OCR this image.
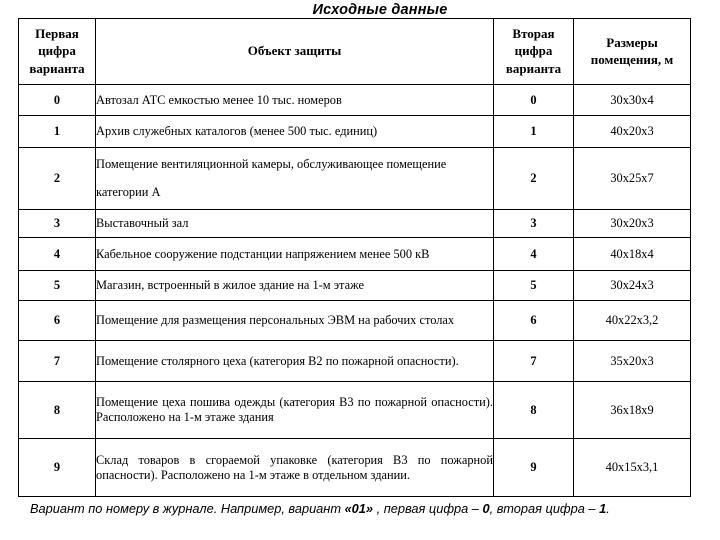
Исходные данные
Первая цифра варианта	Объект защиты	Вторая цифра варианта	Размеры помещения, м
0	Автозал АТС емкостью менее 10 тыс. номеров	0	30х30х4
1	Архив служебных каталогов (менее 500 тыс. единиц)	1	40х20х3
2	Помещение вентиляционной камеры, обслуживающее помещение категории А	2	30х25х7
3	Выставочный зал	3	30х20х3
4	Кабельное сооружение подстанции напряжением менее 500 кВ	4	40х18х4
5	Магазин, встроенный в жилое здание на 1-м этаже	5	30х24х3
6	Помещение для размещения персональных ЭВМ на рабочих столах	6	40х22х3,2
7	Помещение столярного цеха (категория В2 по пожарной опасности).	7	35х20х3
8	Помещение цеха пошива одежды (категория В3 по пожарной опасности). Расположено на 1-м этаже здания	8	36х18х9
9	Склад товаров в сгораемой упаковке (категория В3 по пожарной опасности). Расположено на 1-м этаже в отдельном здании.	9	40х15х3,1
Вариант по номеру в журнале. Например, вариант «01» , первая цифра – 0, вторая цифра – 1.
